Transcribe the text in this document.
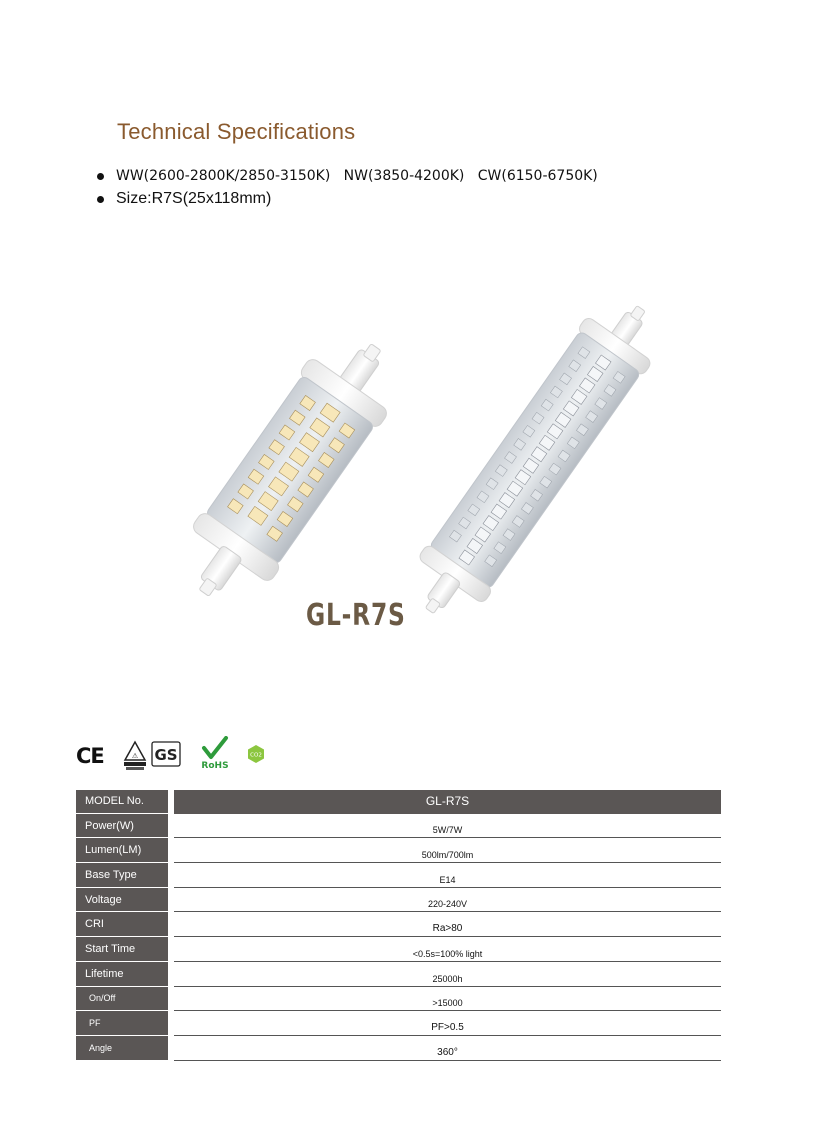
Technical Specifications
WW(2600-2800K/2850-3150K)   NW(3850-4200K)   CW(6150-6750K)
Size:R7S(25x118mm)
GL-R7S
CE	⚠ GS
RoHS
CO2
MODEL No.		GL-R7S
Power(W)		5W/7W
Lumen(LM)		500lm/700lm
Base Type		E14
Voltage		220-240V
CRI		Ra>80
Start Time		<0.5s=100% light
Lifetime		25000h
On/Off		>15000
PF		PF>0.5
Angle		360°
